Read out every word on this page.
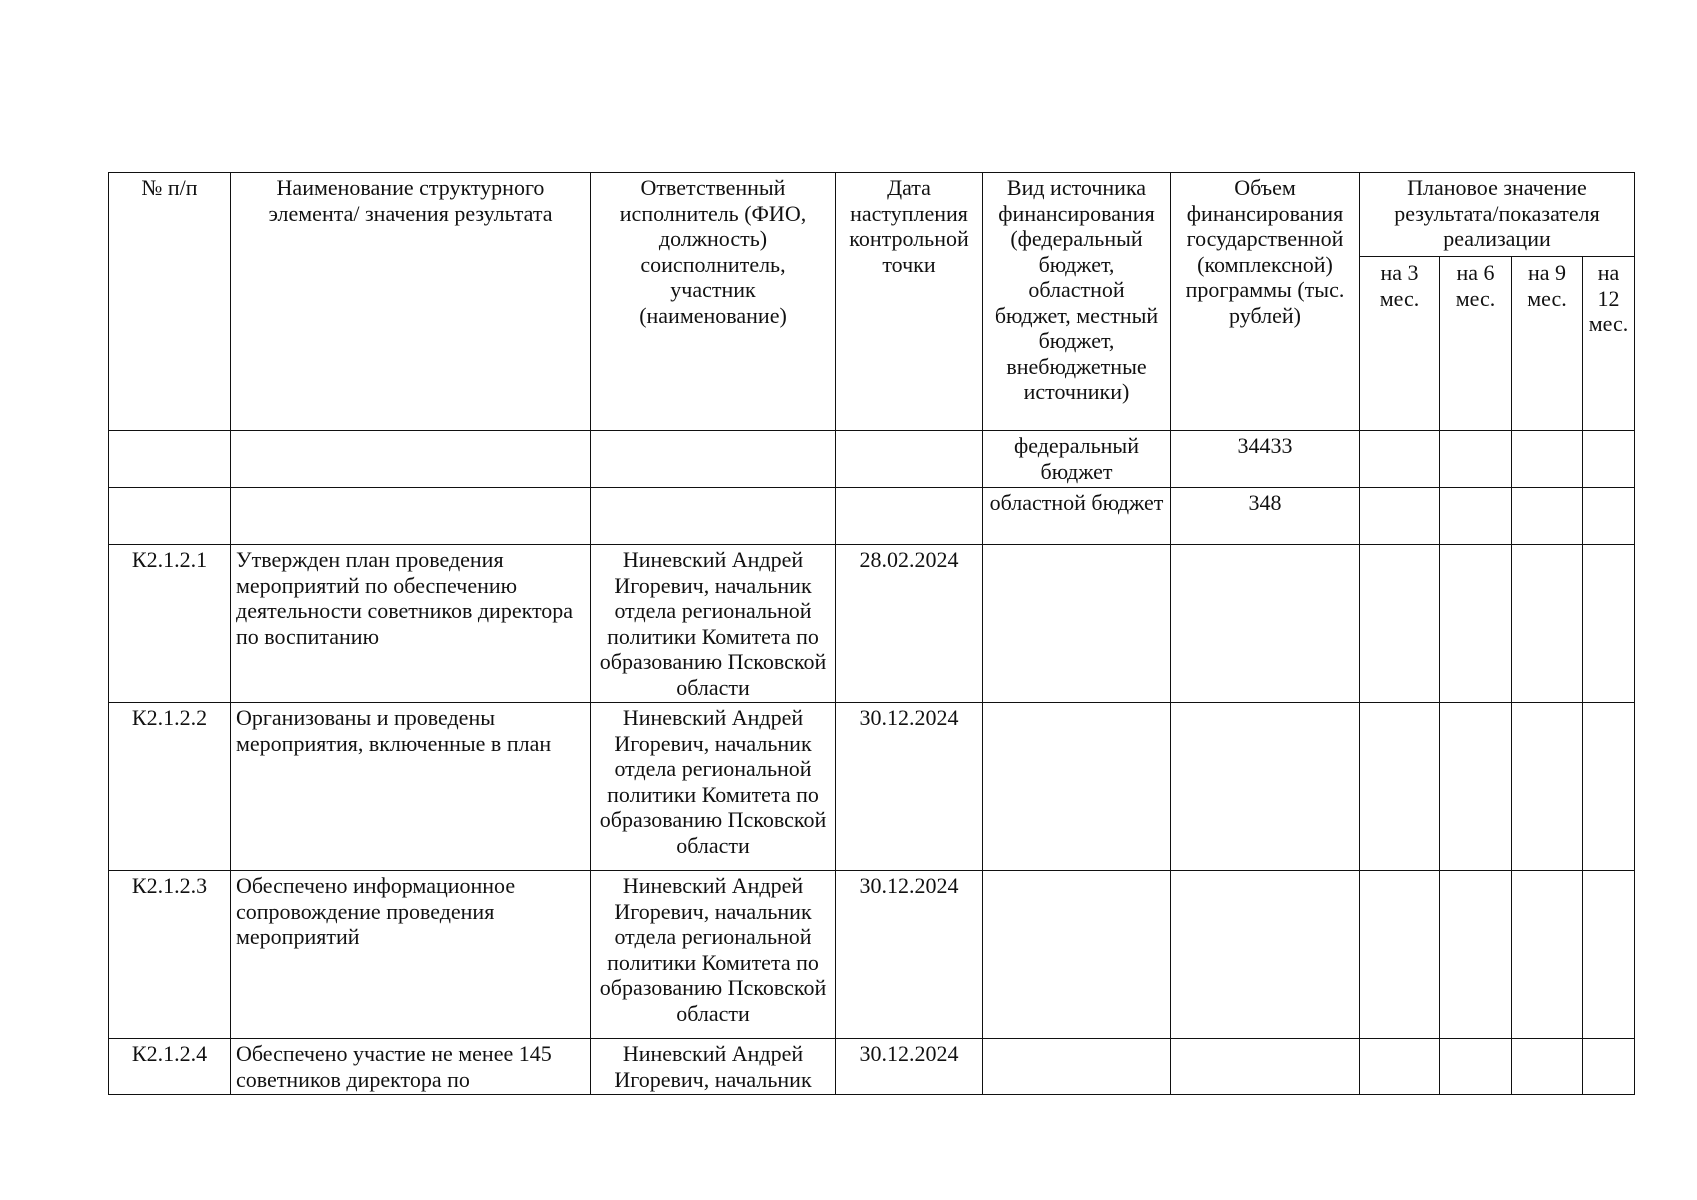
№ п/п	Наименование структурного элемента/ значения результата	Ответственный исполнитель (ФИО, должность) соисполнитель, участник (наименование)	Дата наступления контрольной точки	Вид источника финансирования (федеральный бюджет, областной бюджет, местный бюджет, внебюджетные источники)	Объем финансирования государственной (комплексной) программы (тыс. рублей)	Плановое значение результата/показателя реализации			
						на 3 мес.	на 6 мес.	на 9 мес.	на 12 мес.
				федеральный бюджет	34433				
				областной бюджет	348				
К2.1.2.1	Утвержден план проведения мероприятий по обеспечению деятельности советников директора по воспитанию	Нинeвский Андрей Игоревич, начальник отдела региональной политики Комитета по образованию Псковской области	28.02.2024						
К2.1.2.2	Организованы и проведены мероприятия, включенные в план	Нинeвский Андрей Игоревич, начальник отдела региональной политики Комитета по образованию Псковской области	30.12.2024						
К2.1.2.3	Обеспечено информационное сопровождение проведения мероприятий	Нинeвский Андрей Игоревич, начальник отдела региональной политики Комитета по образованию Псковской области	30.12.2024						
К2.1.2.4	Обеспечено участие не менее 145 советников директора по	Нинeвский Андрей Игоревич, начальник	30.12.2024						
